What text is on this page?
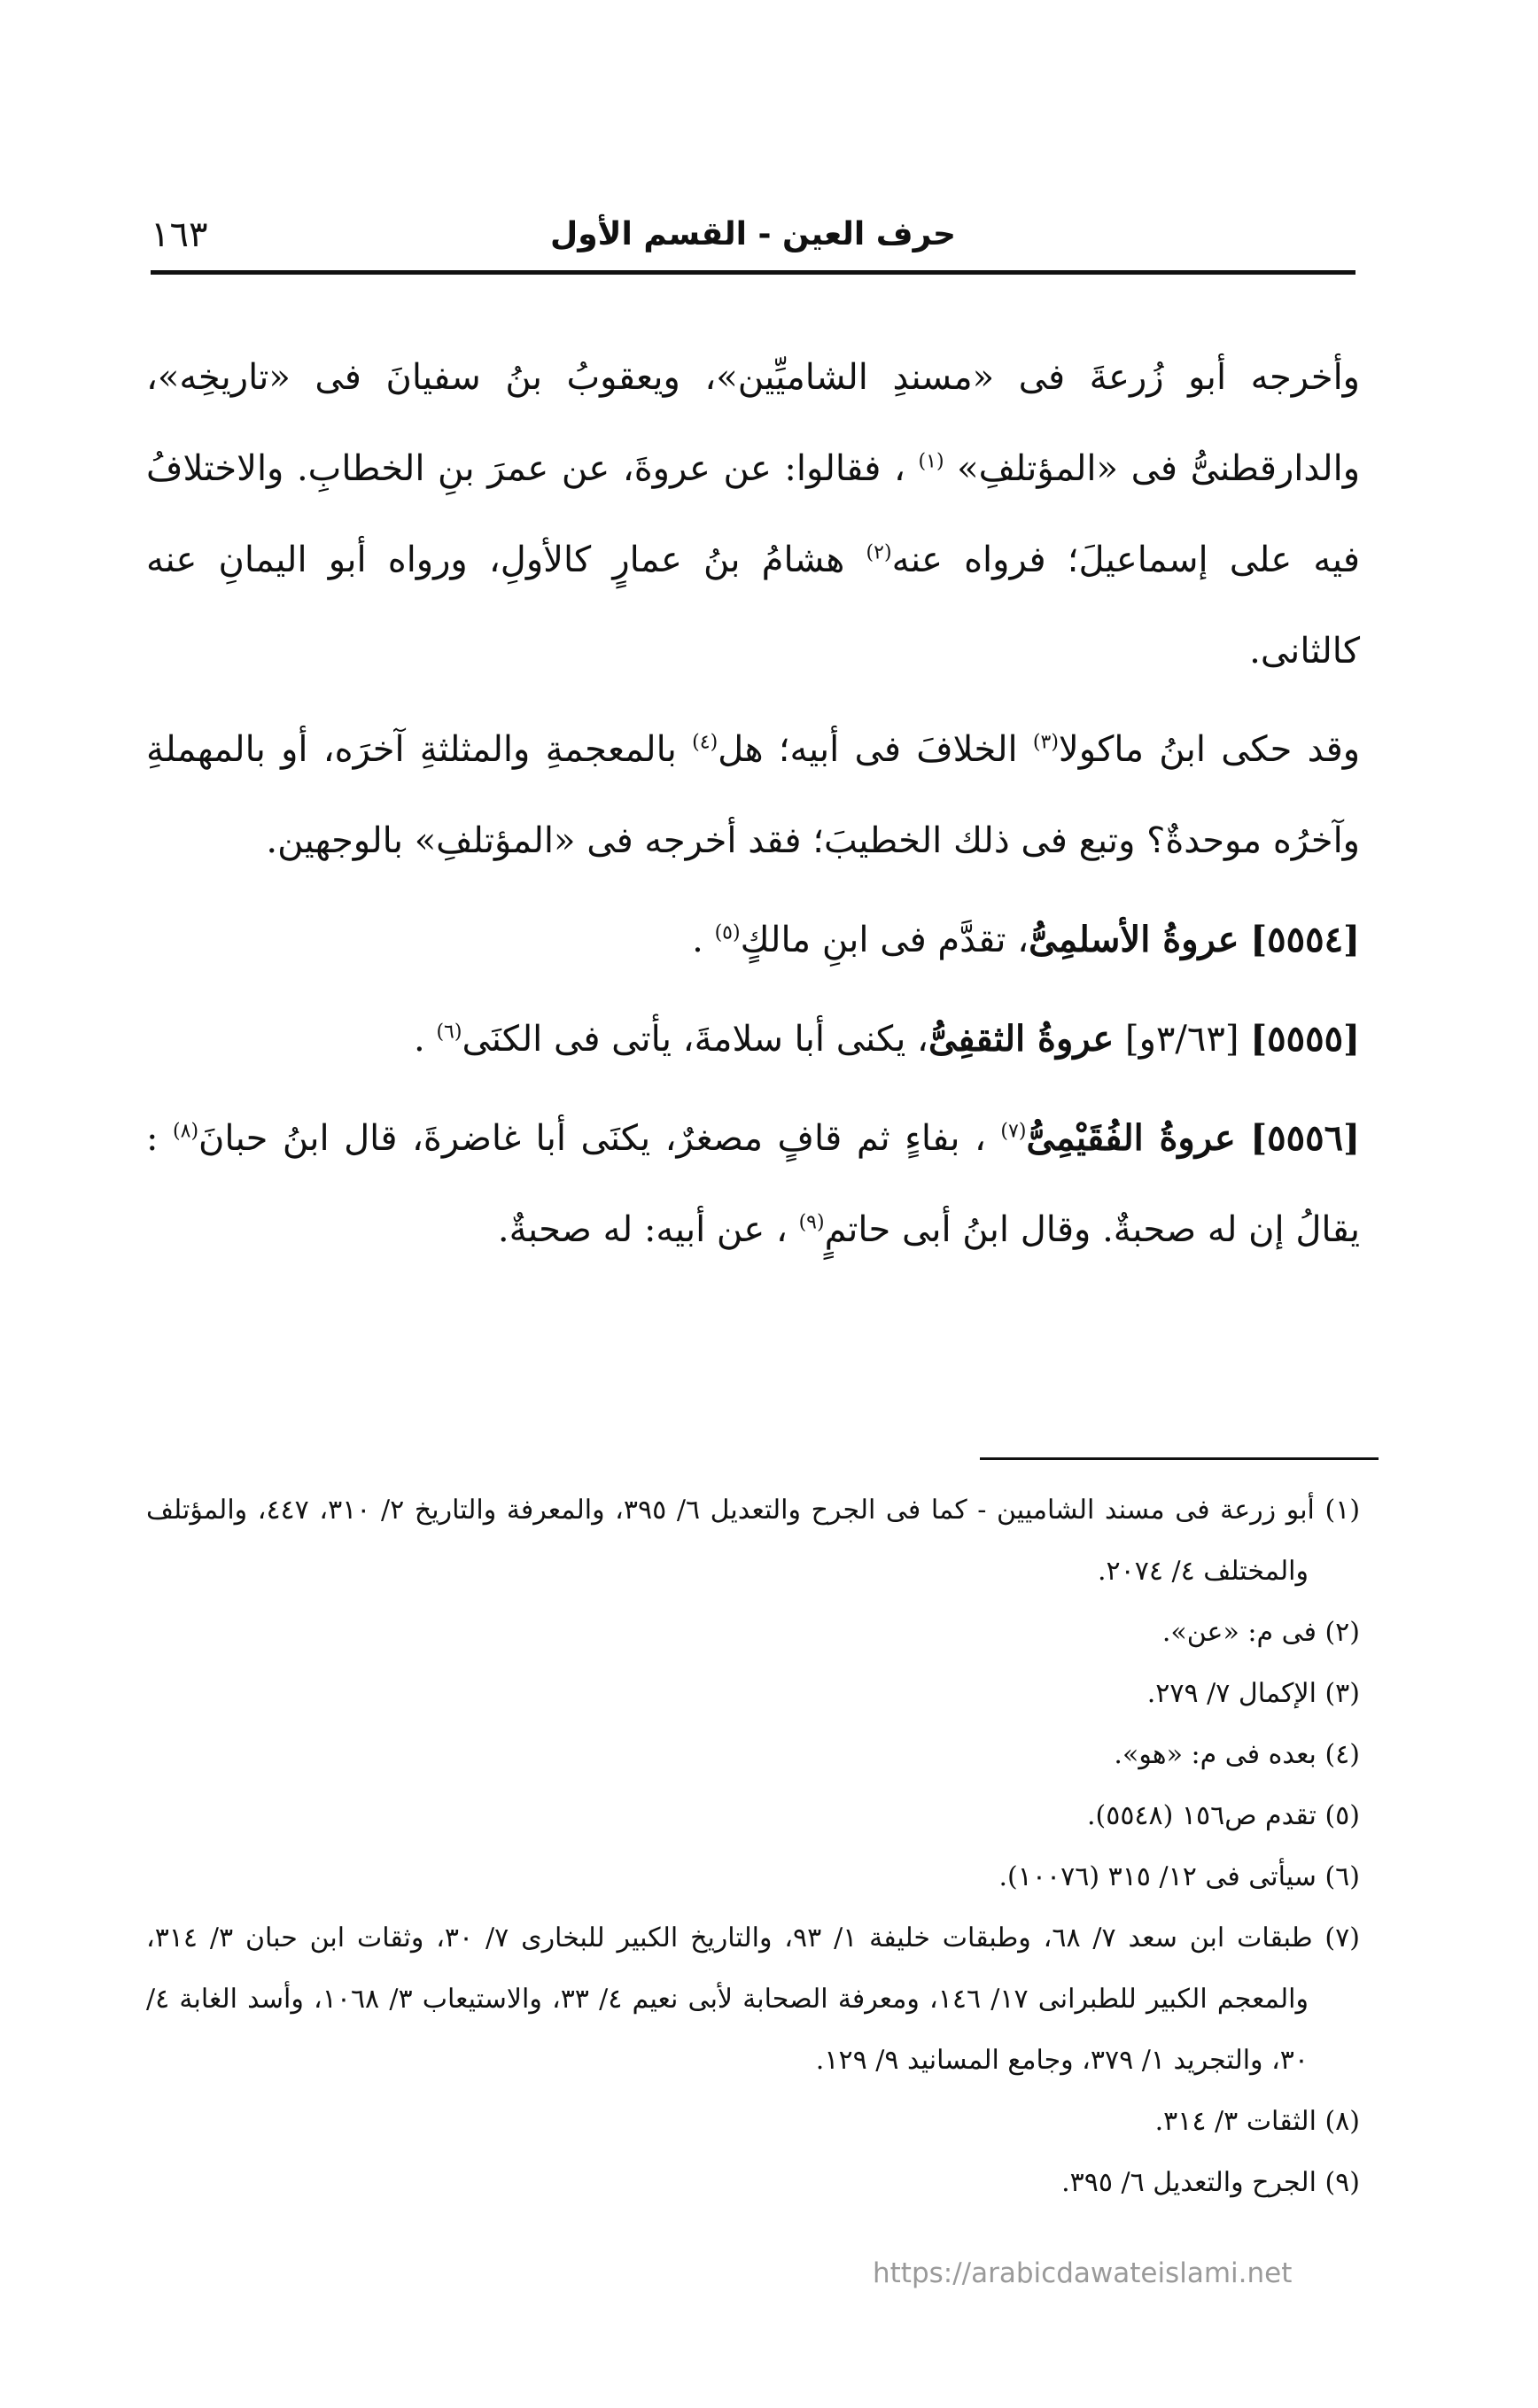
حرف العين - القسم الأول
١٦٣

وأخرجه أبو زُرعةَ فى «مسندِ الشاميِّين»، ويعقوبُ بنُ سفيانَ فى «تاريخِه»، والدارقطنىُّ فى «المؤتلفِ» $^{(١)}$ ، فقالوا: عن عروةَ، عن عمرَ بنِ الخطابِ. والاختلافُ فيه على إسماعيلَ؛ فرواه عنه$^{(٢)}$ هشامُ بنُ عمارٍ كالأولِ، ورواه أبو اليمانِ عنه كالثانى.

وقد حكى ابنُ ماكولا$^{(٣)}$ الخلافَ فى أبيه؛ هل$^{(٤)}$ بالمعجمةِ والمثلثةِ آخرَه، أو بالمهملةِ وآخرُه موحدةٌ؟ وتبع فى ذلك الخطيبَ؛ فقد أخرجه فى «المؤتلفِ» بالوجهين.

[٥٥٥٤] عروةُ الأسلمِىُّ، تقدَّم فى ابنِ مالكٍ$^{(٥)}$ .

[٥٥٥٥] [٣/٦٣و] عروةُ الثقفِىُّ، يكنى أبا سلامةَ، يأتى فى الكنَى$^{(٦)}$ .

[٥٥٥٦] عروةُ الفُقَيْمِىُّ$^{(٧)}$ ، بفاءٍ ثم قافٍ مصغرٌ، يكنَى أبا غاضرةَ، قال ابنُ حبانَ$^{(٨)}$ : يقالُ إن له صحبةٌ. وقال ابنُ أبى حاتمٍ$^{(٩)}$ ، عن أبيه: له صحبةٌ.

(١) أبو زرعة فى مسند الشاميين - كما فى الجرح والتعديل ٦/ ٣٩٥، والمعرفة والتاريخ ٢/ ٣١٠، ٤٤٧، والمؤتلف والمختلف ٤/ ٢٠٧٤.

(٢) فى م: «عن».

(٣) الإكمال ٧/ ٢٧٩.

(٤) بعده فى م: «هو».

(٥) تقدم ص١٥٦ (٥٥٤٨).

(٦) سيأتى فى ١٢/ ٣١٥ (١٠٠٧٦).

(٧) طبقات ابن سعد ٧/ ٦٨، وطبقات خليفة ١/ ٩٣، والتاريخ الكبير للبخارى ٧/ ٣٠، وثقات ابن حبان ٣/ ٣١٤، والمعجم الكبير للطبرانى ١٧/ ١٤٦، ومعرفة الصحابة لأبى نعيم ٤/ ٣٣، والاستيعاب ٣/ ١٠٦٨، وأسد الغابة ٤/ ٣٠، والتجريد ١/ ٣٧٩، وجامع المسانيد ٩/ ١٢٩.

(٨) الثقات ٣/ ٣١٤.

(٩) الجرح والتعديل ٦/ ٣٩٥.

https://arabicdawateislami.net
